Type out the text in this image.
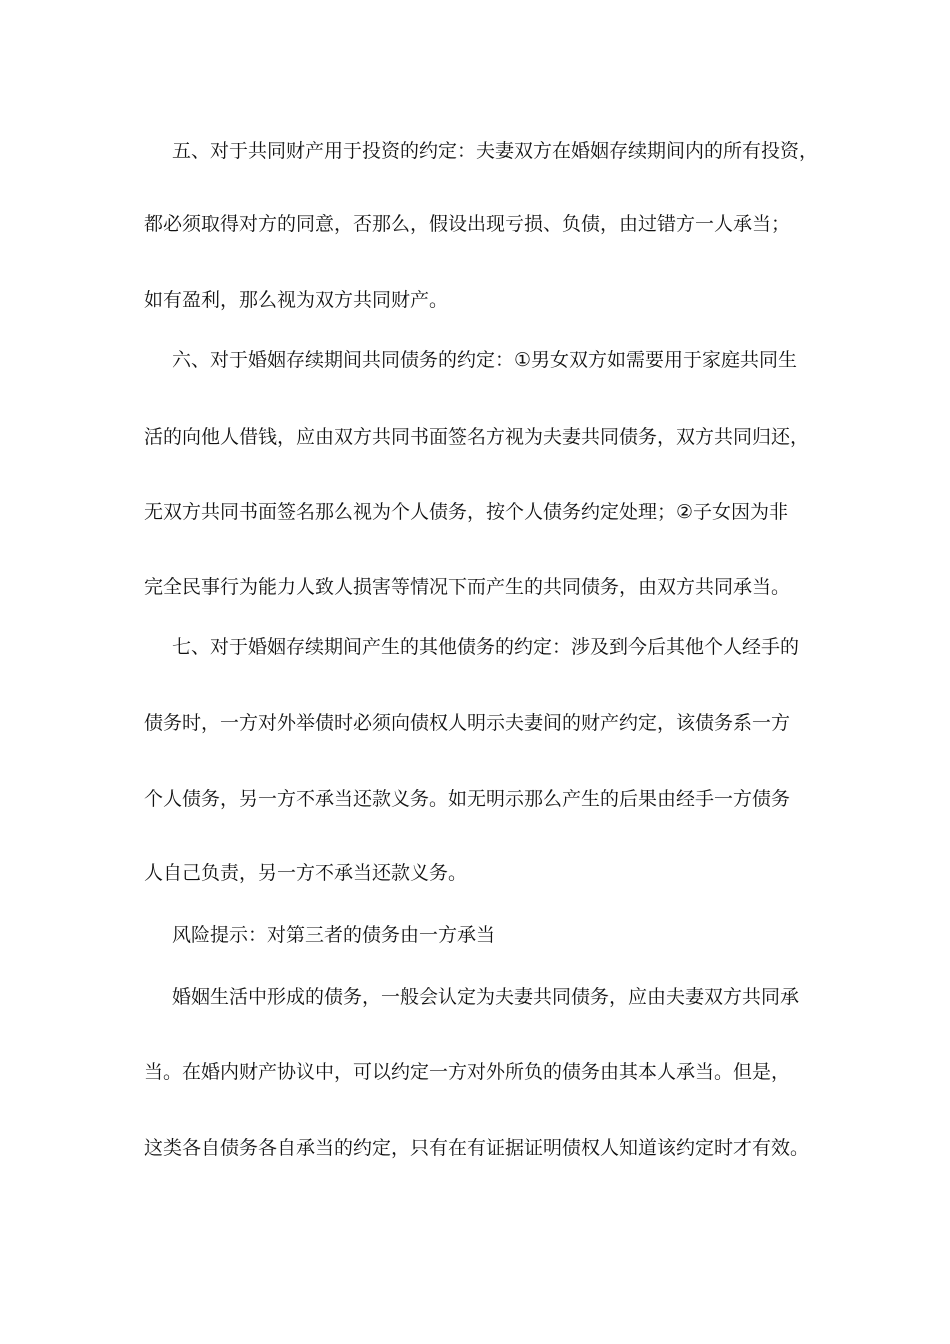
五、对于共同财产用于投资的约定：夫妻双方在婚姻存续期间内的所有投资，
都必须取得对方的同意，否那么，假设出现亏损、负债，由过错方一人承当；
如有盈利，那么视为双方共同财产。
六、对于婚姻存续期间共同债务的约定：①男女双方如需要用于家庭共同生
活的向他人借钱，应由双方共同书面签名方视为夫妻共同债务，双方共同归还，
无双方共同书面签名那么视为个人债务，按个人债务约定处理；②子女因为非
完全民事行为能力人致人损害等情况下而产生的共同债务，由双方共同承当。
七、对于婚姻存续期间产生的其他债务的约定：涉及到今后其他个人经手的
债务时，一方对外举债时必须向债权人明示夫妻间的财产约定，该债务系一方
个人债务，另一方不承当还款义务。如无明示那么产生的后果由经手一方债务
人自己负责，另一方不承当还款义务。
风险提示：对第三者的债务由一方承当
婚姻生活中形成的债务，一般会认定为夫妻共同债务，应由夫妻双方共同承
当。在婚内财产协议中，可以约定一方对外所负的债务由其本人承当。但是，
这类各自债务各自承当的约定，只有在有证据证明债权人知道该约定时才有效。
